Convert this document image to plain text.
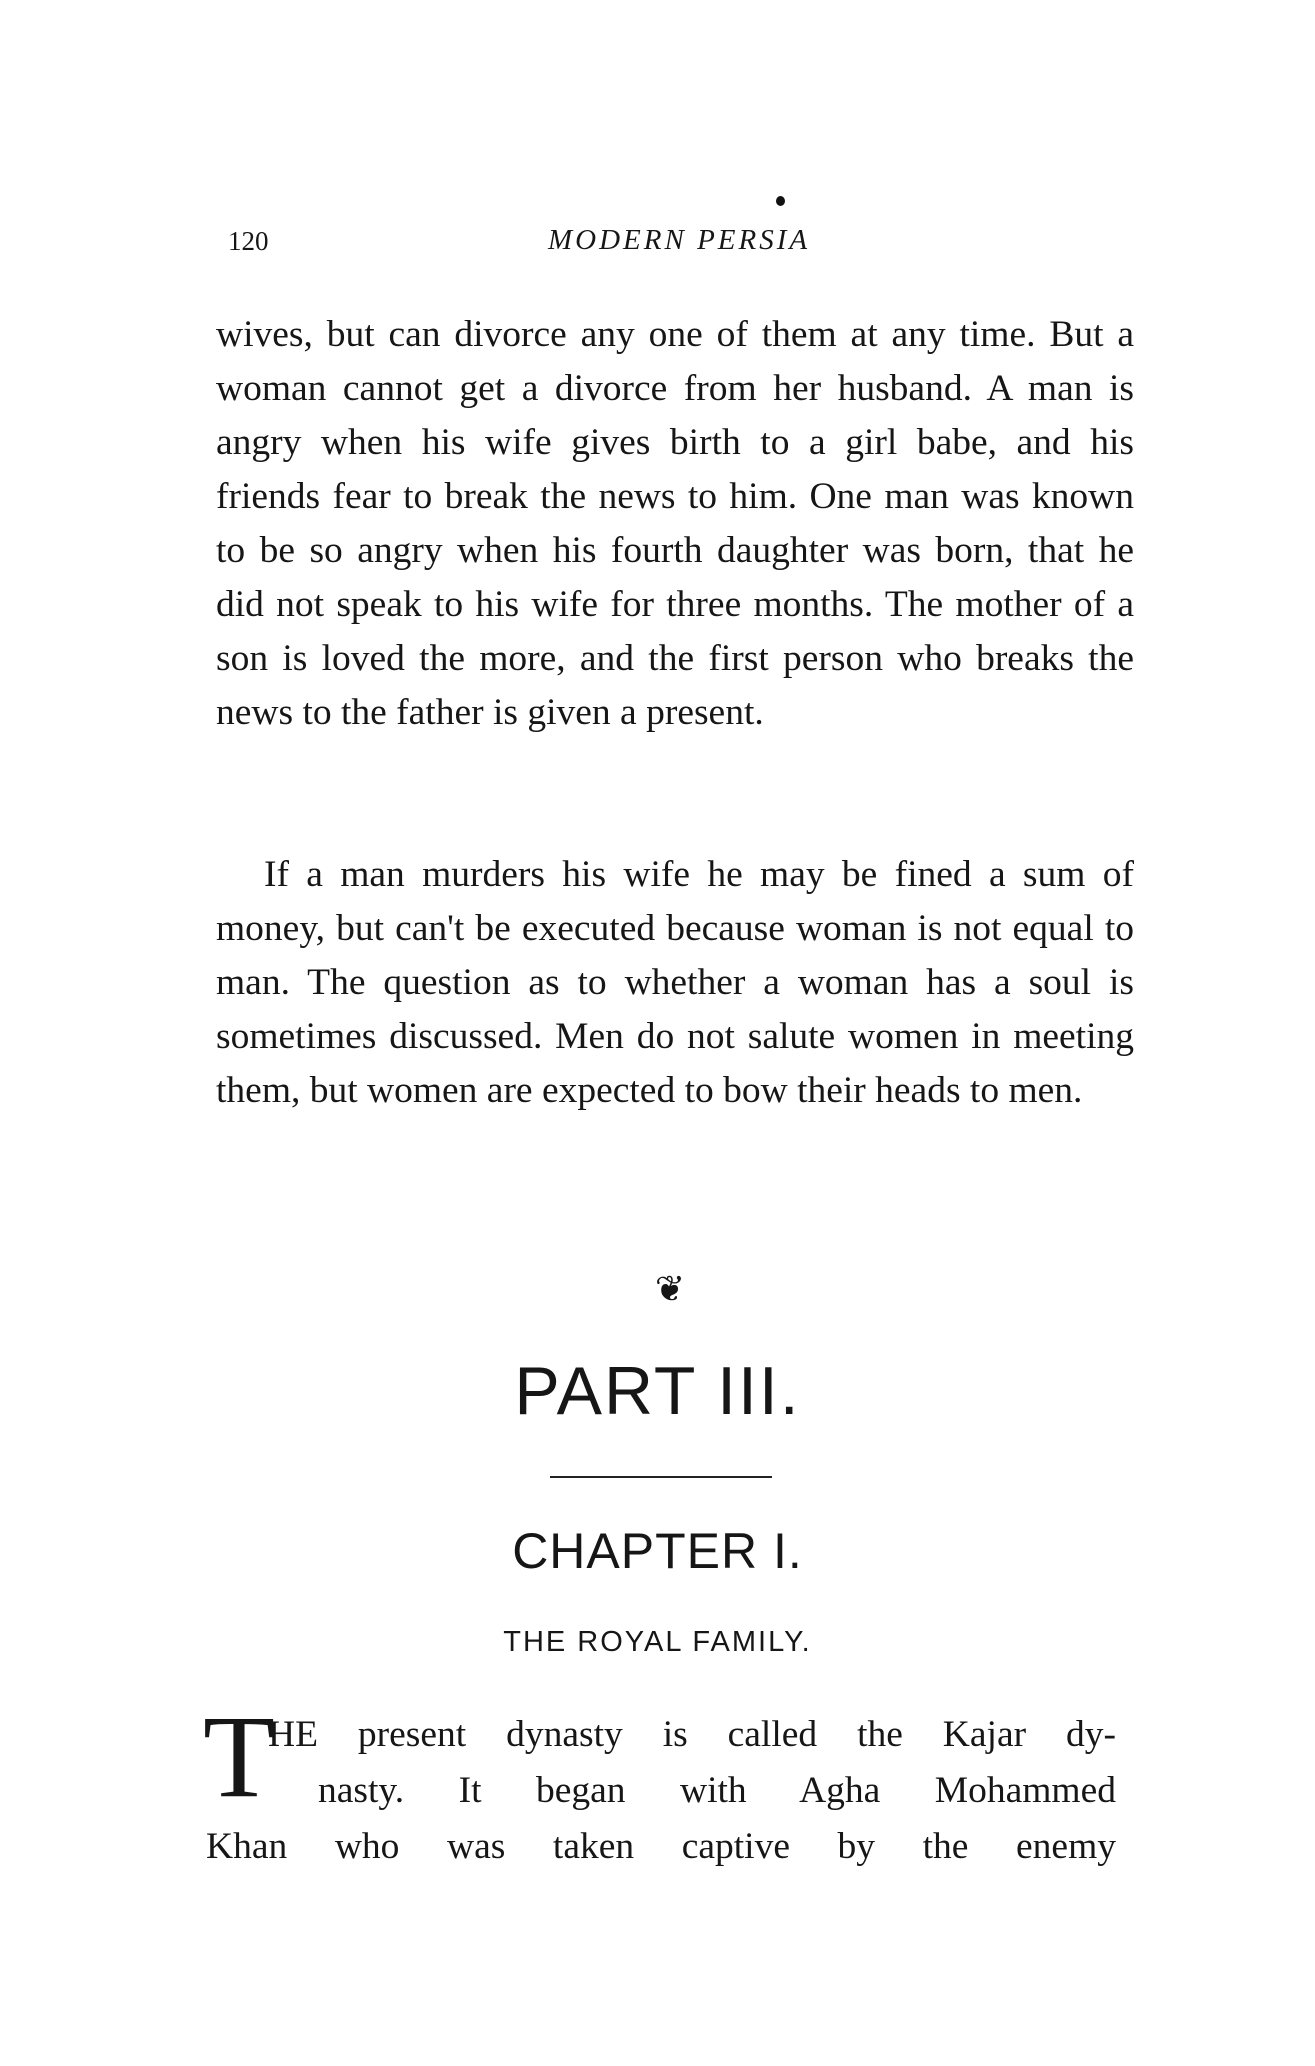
120	MODERN PERSIA

wives, but can divorce any one of them at any time. But a woman cannot get a divorce from her husband. A man is angry when his wife gives birth to a girl babe, and his friends fear to break the news to him. One man was known to be so angry when his fourth daughter was born, that he did not speak to his wife for three months. The mother of a son is loved the more, and the first person who breaks the news to the father is given a present.

If a man murders his wife he may be fined a sum of money, but can't be executed because woman is not equal to man. The question as to whether a woman has a soul is sometimes discussed. Men do not salute women in meeting them, but women are expected to bow their heads to men.

❦
PART III.
CHAPTER I.
THE ROYAL FAMILY.
T
HE present dynasty is called the Kajar dy-
nasty. It began with Agha Mohammed
Khan who was taken captive by the enemy
